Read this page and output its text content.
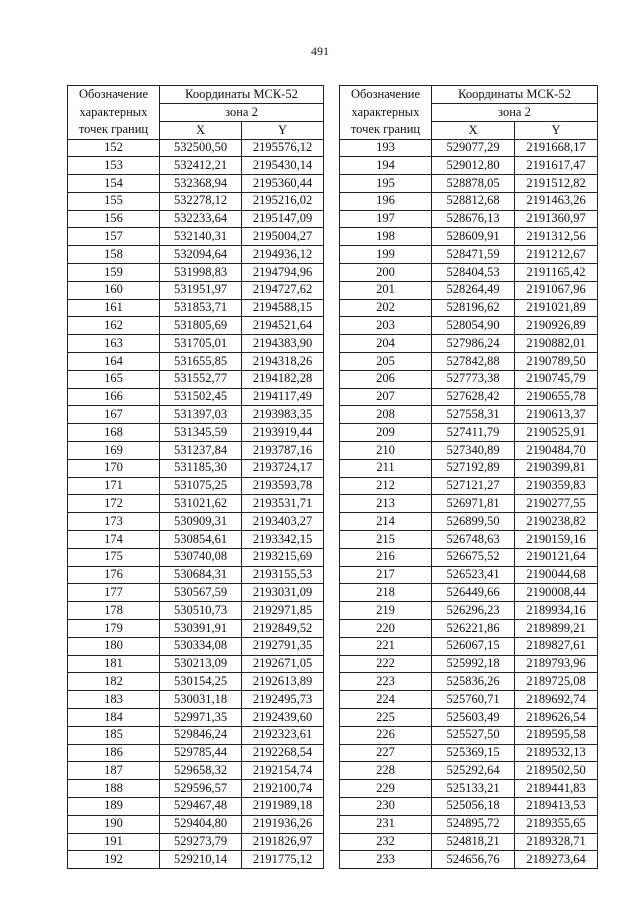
491
Обозначение
характерных
точек границ	Координаты МСК-52	
	зона 2	
	X	Y
152	532500,50	2195576,12
153	532412,21	2195430,14
154	532368,94	2195360,44
155	532278,12	2195216,02
156	532233,64	2195147,09
157	532140,31	2195004,27
158	532094,64	2194936,12
159	531998,83	2194794,96
160	531951,97	2194727,62
161	531853,71	2194588,15
162	531805,69	2194521,64
163	531705,01	2194383,90
164	531655,85	2194318,26
165	531552,77	2194182,28
166	531502,45	2194117,49
167	531397,03	2193983,35
168	531345,59	2193919,44
169	531237,84	2193787,16
170	531185,30	2193724,17
171	531075,25	2193593,78
172	531021,62	2193531,71
173	530909,31	2193403,27
174	530854,61	2193342,15
175	530740,08	2193215,69
176	530684,31	2193155,53
177	530567,59	2193031,09
178	530510,73	2192971,85
179	530391,91	2192849,52
180	530334,08	2192791,35
181	530213,09	2192671,05
182	530154,25	2192613,89
183	530031,18	2192495,73
184	529971,35	2192439,60
185	529846,24	2192323,61
186	529785,44	2192268,54
187	529658,32	2192154,74
188	529596,57	2192100,74
189	529467,48	2191989,18
190	529404,80	2191936,26
191	529273,79	2191826,97
192	529210,14	2191775,12
Обозначение
характерных
точек границ	Координаты МСК-52	
	зона 2	
	X	Y
193	529077,29	2191668,17
194	529012,80	2191617,47
195	528878,05	2191512,82
196	528812,68	2191463,26
197	528676,13	2191360,97
198	528609,91	2191312,56
199	528471,59	2191212,67
200	528404,53	2191165,42
201	528264,49	2191067,96
202	528196,62	2191021,89
203	528054,90	2190926,89
204	527986,24	2190882,01
205	527842,88	2190789,50
206	527773,38	2190745,79
207	527628,42	2190655,78
208	527558,31	2190613,37
209	527411,79	2190525,91
210	527340,89	2190484,70
211	527192,89	2190399,81
212	527121,27	2190359,83
213	526971,81	2190277,55
214	526899,50	2190238,82
215	526748,63	2190159,16
216	526675,52	2190121,64
217	526523,41	2190044,68
218	526449,66	2190008,44
219	526296,23	2189934,16
220	526221,86	2189899,21
221	526067,15	2189827,61
222	525992,18	2189793,96
223	525836,26	2189725,08
224	525760,71	2189692,74
225	525603,49	2189626,54
226	525527,50	2189595,58
227	525369,15	2189532,13
228	525292,64	2189502,50
229	525133,21	2189441,83
230	525056,18	2189413,53
231	524895,72	2189355,65
232	524818,21	2189328,71
233	524656,76	2189273,64
